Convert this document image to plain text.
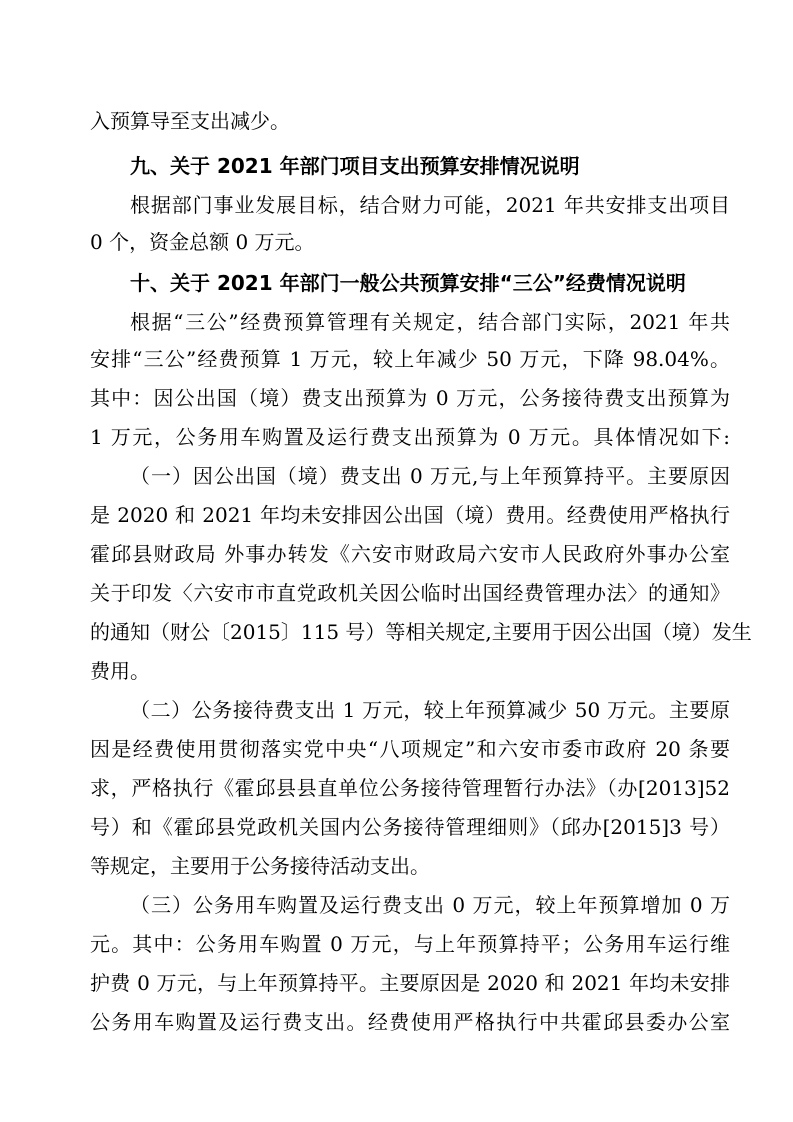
入预算导至支出减少。
九、关于 2021 年部门项目支出预算安排情况说明
根据部门事业发展目标，结合财力可能，2021 年共安排支出项目
0 个，资金总额 0 万元。
十、关于 2021 年部门一般公共预算安排“三公”经费情况说明
根据“三公”经费预算管理有关规定，结合部门实际，2021 年共
安排“三公”经费预算 1 万元，较上年减少 50 万元，下降 98.04%。
其中：因公出国（境）费支出预算为 0 万元，公务接待费支出预算为
1 万元，公务用车购置及运行费支出预算为 0 万元。具体情况如下:
（一）因公出国（境）费支出 0 万元,与上年预算持平。主要原因
是 2020 和 2021 年均未安排因公出国（境）费用。经费使用严格执行
霍邱县财政局 外事办转发《六安市财政局六安市人民政府外事办公室
关于印发〈六安市市直党政机关因公临时出国经费管理办法〉的通知》
的通知（财公〔2015〕115 号）等相关规定,主要用于因公出国（境）发生
费用。
（二）公务接待费支出 1 万元，较上年预算减少 50 万元。主要原
因是经费使用贯彻落实党中央“八项规定”和六安市委市政府 20 条要
求，严格执行《霍邱县县直单位公务接待管理暂行办法》（办[2013]52
号）和《霍邱县党政机关国内公务接待管理细则》（邱办[2015]3 号）
等规定，主要用于公务接待活动支出。
（三）公务用车购置及运行费支出 0 万元，较上年预算增加 0 万
元。其中：公务用车购置 0 万元，与上年预算持平；公务用车运行维
护费 0 万元，与上年预算持平。主要原因是 2020 和 2021 年均未安排
公务用车购置及运行费支出。经费使用严格执行中共霍邱县委办公室
